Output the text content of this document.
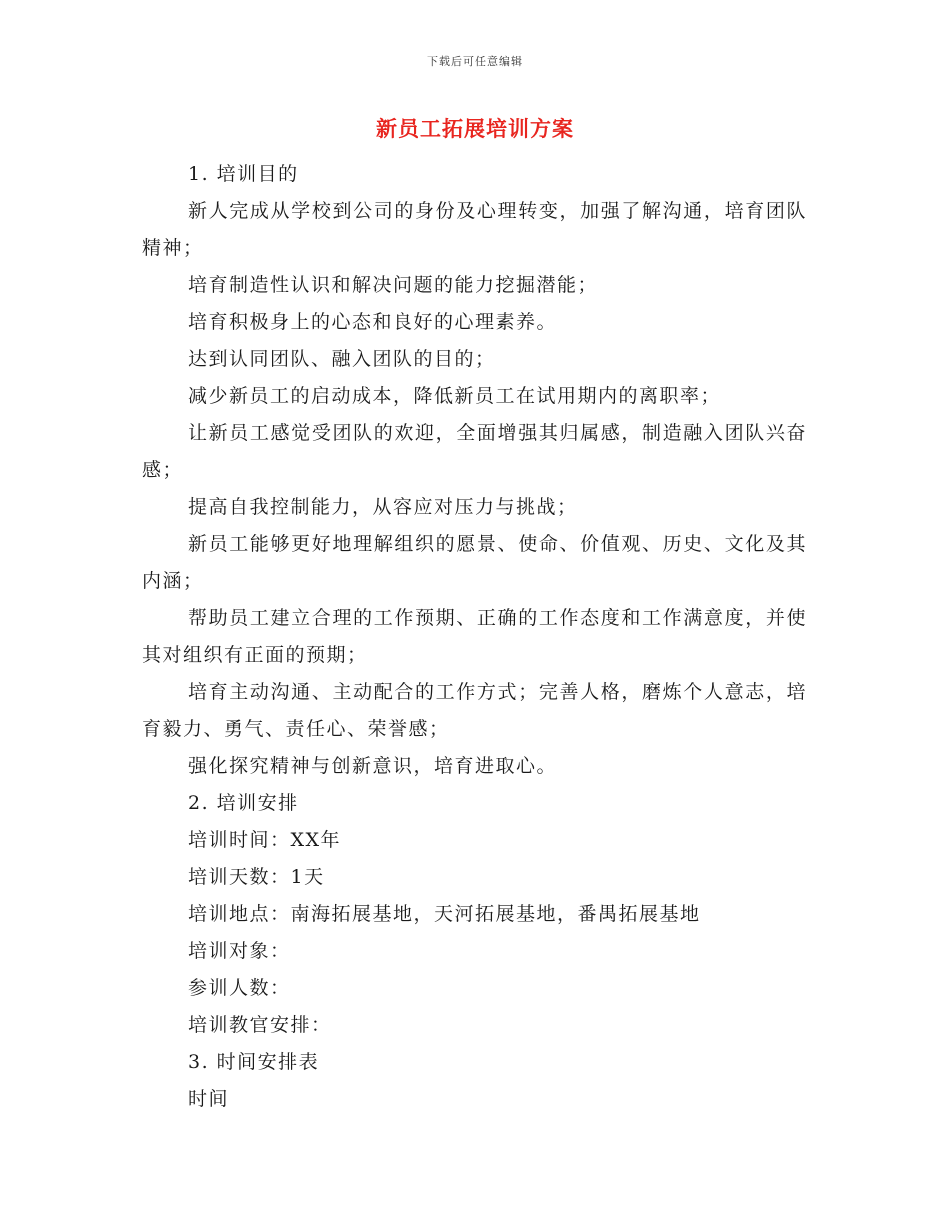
下载后可任意编辑
新员工拓展培训方案

1. 培训目的

新人完成从学校到公司的身份及心理转变，加强了解沟通，培育团队精神；

培育制造性认识和解决问题的能力挖掘潜能；

培育积极身上的心态和良好的心理素养。

达到认同团队、融入团队的目的；

减少新员工的启动成本，降低新员工在试用期内的离职率；

让新员工感觉受团队的欢迎，全面增强其归属感，制造融入团队兴奋感；

提高自我控制能力，从容应对压力与挑战；

新员工能够更好地理解组织的愿景、使命、价值观、历史、文化及其内涵；

帮助员工建立合理的工作预期、正确的工作态度和工作满意度，并使其对组织有正面的预期；

培育主动沟通、主动配合的工作方式；完善人格，磨炼个人意志，培育毅力、勇气、责任心、荣誉感；

强化探究精神与创新意识，培育进取心。

2. 培训安排

培训时间：XX年

培训天数：1天

培训地点：南海拓展基地，天河拓展基地，番禺拓展基地

培训对象：

参训人数：

培训教官安排：

3. 时间安排表

时间
